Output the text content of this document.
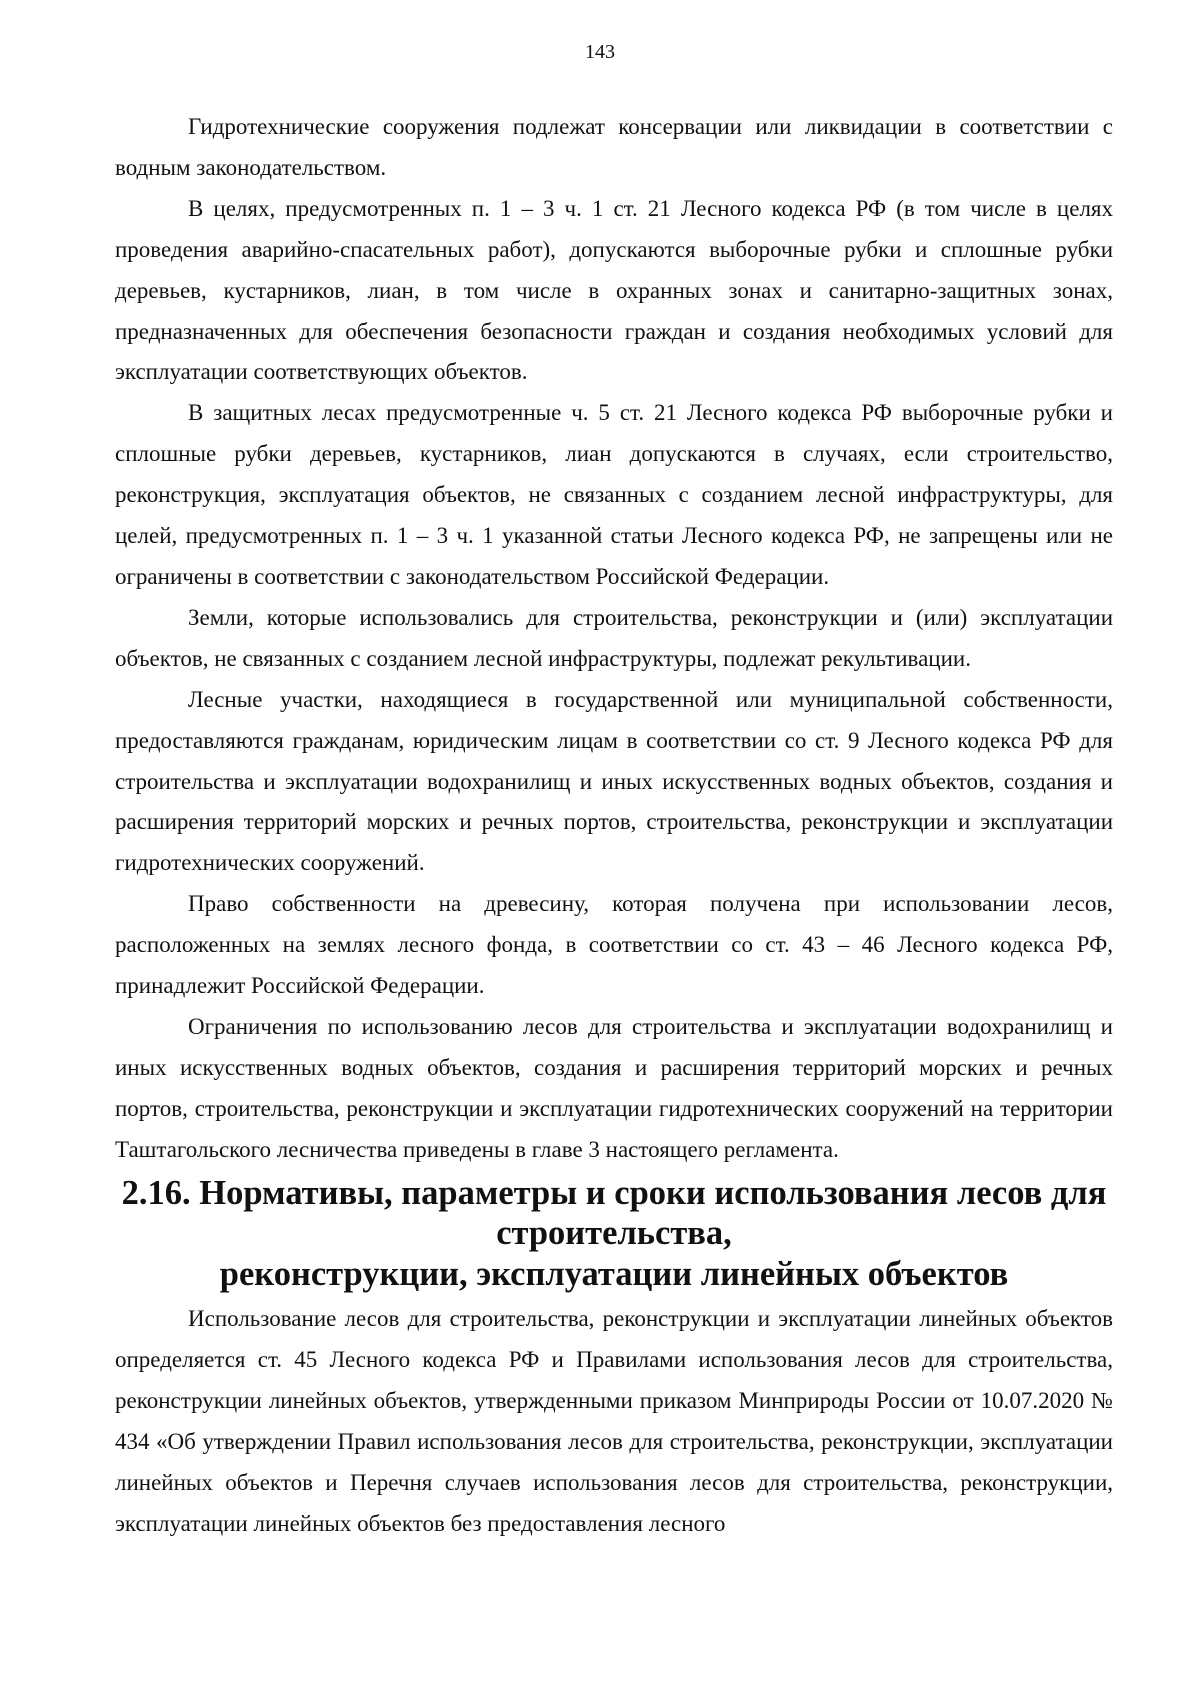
143

Гидротехнические сооружения подлежат консервации или ликвидации в соответствии с водным законодательством.

В целях, предусмотренных п. 1 – 3 ч. 1 ст. 21 Лесного кодекса РФ (в том числе в целях проведения аварийно-спасательных работ), допускаются выборочные рубки и сплошные рубки деревьев, кустарников, лиан, в том числе в охранных зонах и санитарно-защитных зонах, предназначенных для обеспечения безопасности граждан и создания необходимых условий для эксплуатации соответствующих объектов.

В защитных лесах предусмотренные ч. 5 ст. 21 Лесного кодекса РФ выборочные рубки и сплошные рубки деревьев, кустарников, лиан допускаются в случаях, если строительство, реконструкция, эксплуатация объектов, не связанных с созданием лесной инфраструктуры, для целей, предусмотренных п. 1 – 3 ч. 1 указанной статьи Лесного кодекса РФ, не запрещены или не ограничены в соответствии с законодательством Российской Федерации.

Земли, которые использовались для строительства, реконструкции и (или) эксплуатации объектов, не связанных с созданием лесной инфраструктуры, подлежат рекультивации.

Лесные участки, находящиеся в государственной или муниципальной собственности, предоставляются гражданам, юридическим лицам в соответствии со ст. 9 Лесного кодекса РФ для строительства и эксплуатации водохранилищ и иных искусственных водных объектов, создания и расширения территорий морских и речных портов, строительства, реконструкции и эксплуатации гидротехнических сооружений.

Право собственности на древесину, которая получена при использовании лесов, расположенных на землях лесного фонда, в соответствии со ст. 43 – 46 Лесного кодекса РФ, принадлежит Российской Федерации.

Ограничения по использованию лесов для строительства и эксплуатации водохранилищ и иных искусственных водных объектов, создания и расширения территорий морских и речных портов, строительства, реконструкции и эксплуатации гидротехнических сооружений на территории Таштагольского лесничества приведены в главе 3 настоящего регламента.

2.16. Нормативы, параметры и сроки использования лесов для строительства,
реконструкции, эксплуатации линейных объектов

Использование лесов для строительства, реконструкции и эксплуатации линейных объектов определяется ст. 45 Лесного кодекса РФ и Правилами использования лесов для строительства, реконструкции линейных объектов, утвержденными приказом Минприроды России от 10.07.2020 № 434 «Об утверждении Правил использования лесов для строительства, реконструкции, эксплуатации линейных объектов и Перечня случаев использования лесов для строительства, реконструкции, эксплуатации линейных объектов без предоставления лесного
